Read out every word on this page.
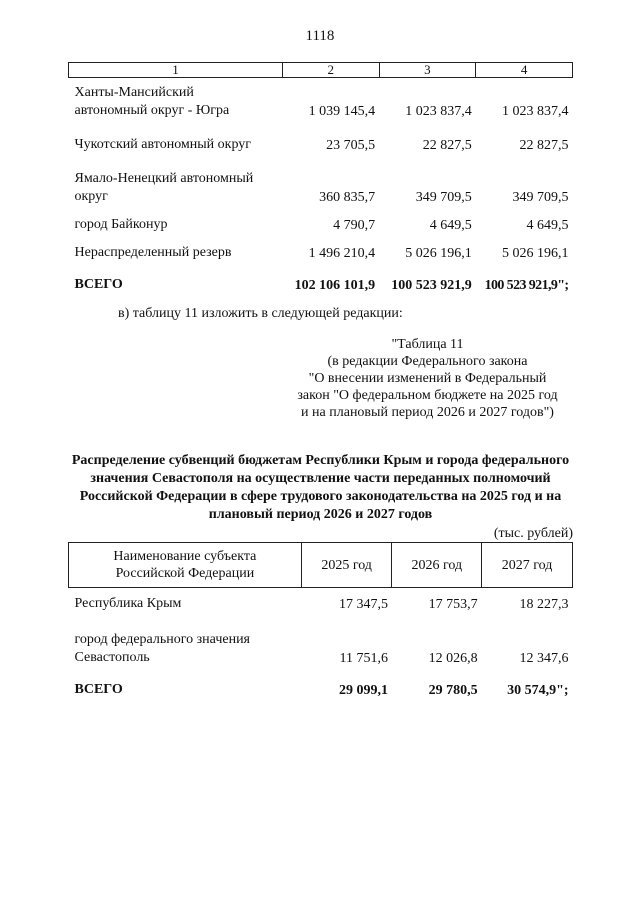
1118
1	2	3	4

Ханты-Мансийский автономный округ - Югра	1 039 145,4	1 023 837,4	1 023 837,4
Чукотский автономный округ	23 705,5	22 827,5	22 827,5

Ямало-Ненецкий автономный округ	360 835,7	349 709,5	349 709,5
город Байконур	4 790,7	4 649,5	4 649,5
Нераспределенный резерв	1 496 210,4	5 026 196,1	5 026 196,1
ВСЕГО	102 106 101,9	100 523 921,9	100 523 921,9";
в) таблицу 11 изложить в следующей редакции:
"Таблица 11
(в редакции Федерального закона
"О внесении изменений в Федеральный
закон "О федеральном бюджете на 2025 год
и на плановый период 2026 и 2027 годов")
Распределение субвенций бюджетам Республики Крым и города федерального значения Севастополя на осуществление части переданных полномочий Российской Федерации в сфере трудового законодательства на 2025 год и на плановый период 2026 и 2027 годов
(тыс. рублей)
Наименование субъекта Российской Федерации	2025 год	2026 год	2027 год
Республика Крым	17 347,5	17 753,7	18 227,3

город федерального значения Севастополь	11 751,6	12 026,8	12 347,6
ВСЕГО	29 099,1	29 780,5	30 574,9";
